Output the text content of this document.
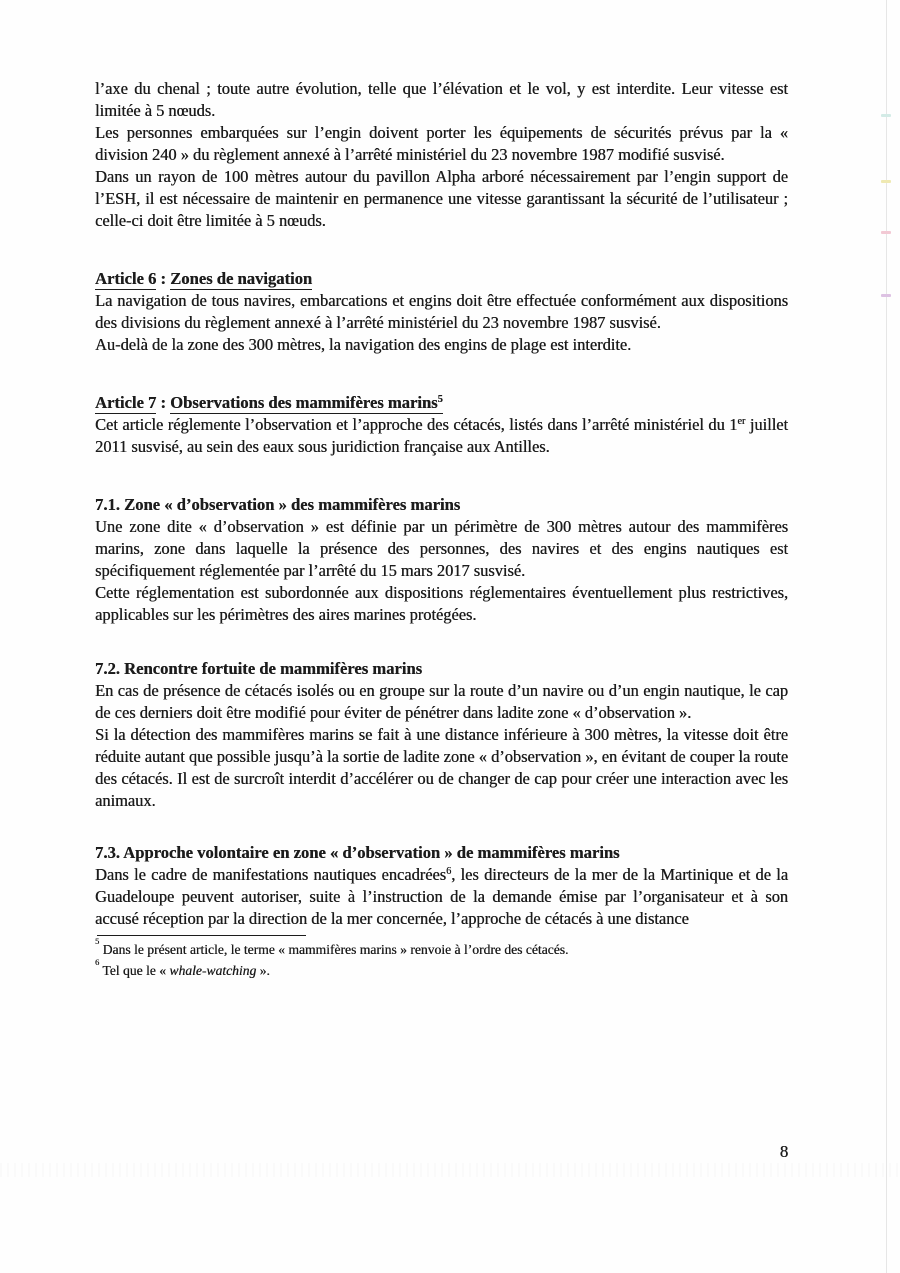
l’axe du chenal ; toute autre évolution, telle que l’élévation et le vol, y est interdite. Leur vitesse est limitée à 5 nœuds.

Les personnes embarquées sur l’engin doivent porter les équipements de sécurités prévus par la « division 240 » du règlement annexé à l’arrêté ministériel du 23 novembre 1987 modifié susvisé.

Dans un rayon de 100 mètres autour du pavillon Alpha arboré nécessairement par l’engin support de l’ESH, il est nécessaire de maintenir en permanence une vitesse garantissant la sécurité de l’utilisateur ; celle-ci doit être limitée à 5 nœuds.

Article 6 : Zones de navigation

La navigation de tous navires, embarcations et engins doit être effectuée conformément aux dispositions des divisions du règlement annexé à l’arrêté ministériel du 23 novembre 1987 susvisé.

Au-delà de la zone des 300 mètres, la navigation des engins de plage est interdite.

Article 7 : Observations des mammifères marins$^5$

Cet article réglemente l’observation et l’approche des cétacés, listés dans l’arrêté ministériel du 1er juillet 2011 susvisé, au sein des eaux sous juridiction française aux Antilles.

7.1. Zone « d’observation » des mammifères marins

Une zone dite « d’observation » est définie par un périmètre de 300 mètres autour des mammifères marins, zone dans laquelle la présence des personnes, des navires et des engins nautiques est spécifiquement réglementée par l’arrêté du 15 mars 2017 susvisé.

Cette réglementation est subordonnée aux dispositions réglementaires éventuellement plus restrictives, applicables sur les périmètres des aires marines protégées.

7.2. Rencontre fortuite de mammifères marins

En cas de présence de cétacés isolés ou en groupe sur la route d’un navire ou d’un engin nautique, le cap de ces derniers doit être modifié pour éviter de pénétrer dans ladite zone « d’observation ».

Si la détection des mammifères marins se fait à une distance inférieure à 300 mètres, la vitesse doit être réduite autant que possible jusqu’à la sortie de ladite zone « d’observation », en évitant de couper la route des cétacés. Il est de surcroît interdit d’accélérer ou de changer de cap pour créer une interaction avec les animaux.

7.3. Approche volontaire en zone « d’observation » de mammifères marins

Dans le cadre de manifestations nautiques encadrées$^6$, les directeurs de la mer de la Martinique et de la Guadeloupe peuvent autoriser, suite à l’instruction de la demande émise par l’organisateur et à son accusé réception par la direction de la mer concernée, l’approche de cétacés à une distance

$^5$ Dans le présent article, le terme « mammifères marins » renvoie à l’ordre des cétacés.

$^6$ Tel que le « whale-watching ».

8
